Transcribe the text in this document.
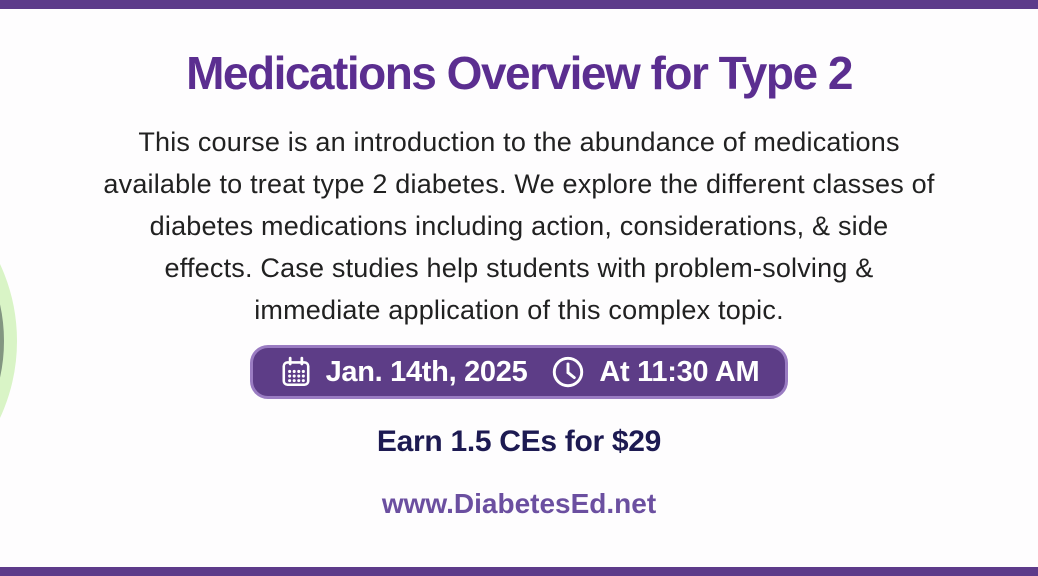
Medications Overview for Type 2
This course is an introduction to the abundance of medications
available to treat type 2 diabetes. We explore the different classes of
diabetes medications including action, considerations, & side
effects. Case studies help students with problem-solving &
immediate application of this complex topic.
Jan. 14th, 2025 At 11:30 AM
Earn 1.5 CEs for $29
www.DiabetesEd.net
